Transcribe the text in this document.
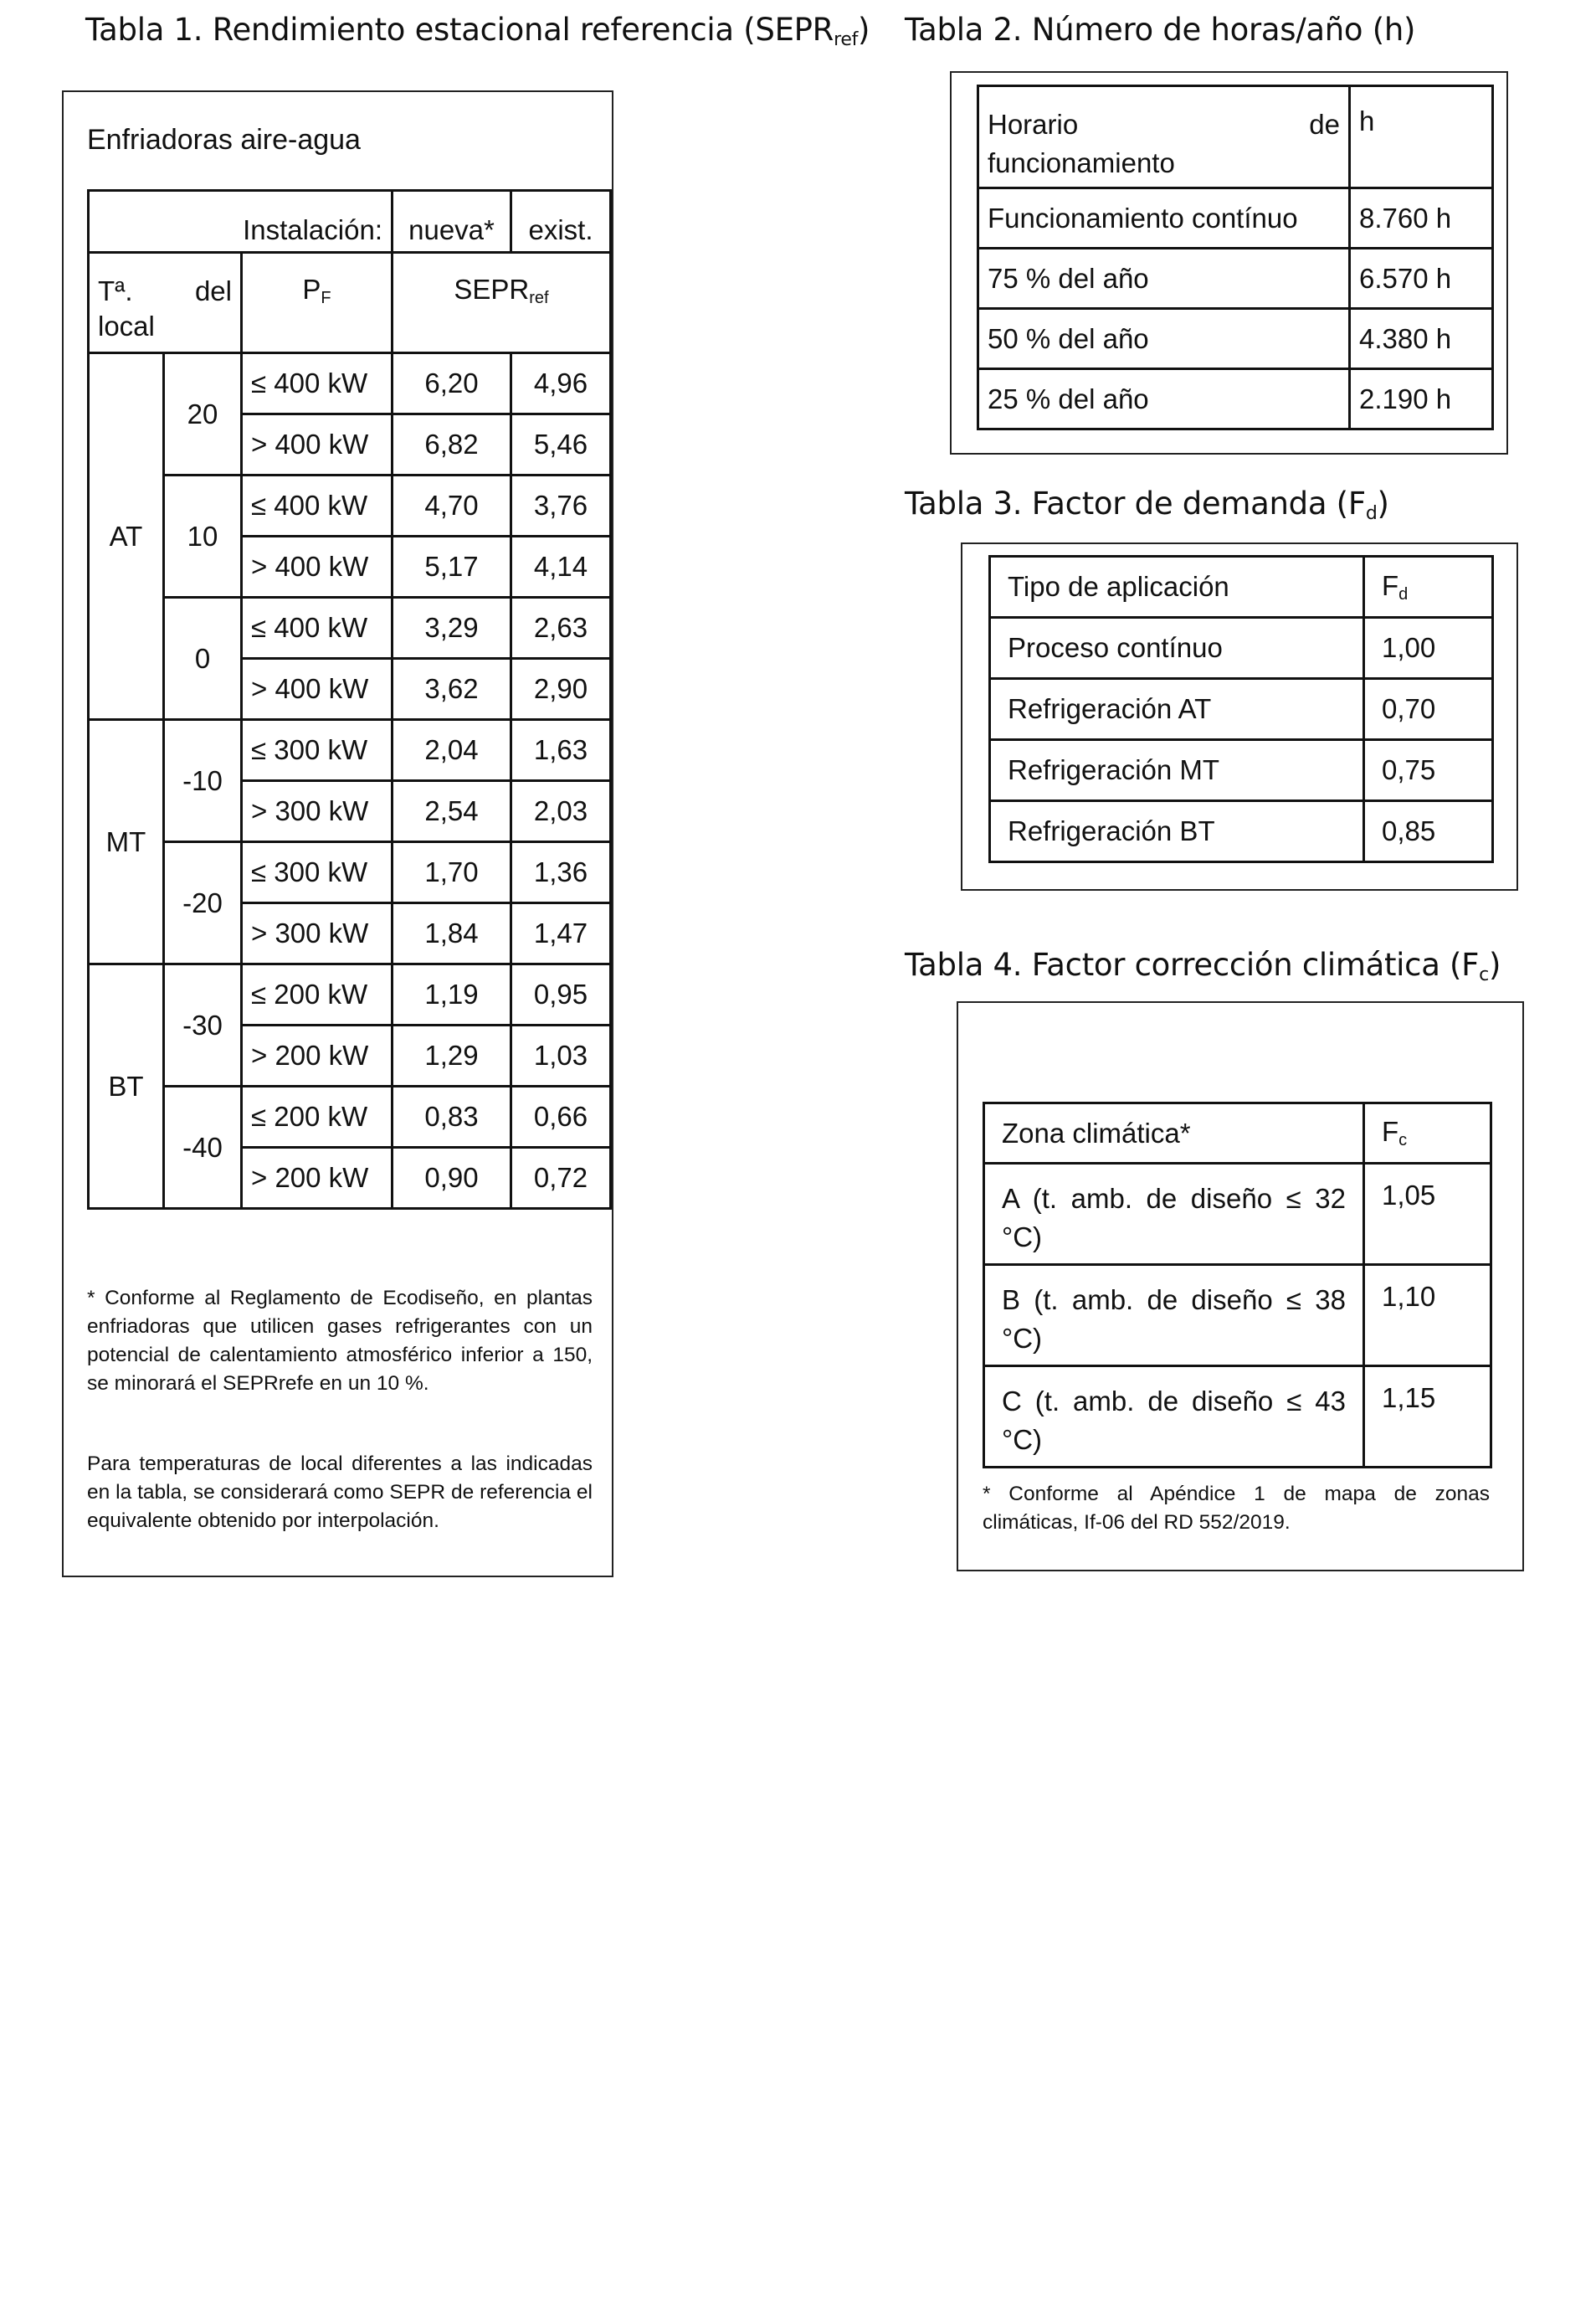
Tabla 1. Rendimiento estacional referencia $(SEPR_{ref})$
Enfriadoras aire-agua
Instalación:			nueva*	exist.

Tª. del
local		$P_F$	$SEPR_{ref}$
AT	20	≤ 400 kW	6,20	4,96
		> 400 kW	6,82	5,46
	10	≤ 400 kW	4,70	3,76
		> 400 kW	5,17	4,14
	0	≤ 400 kW	3,29	2,63
		> 400 kW	3,62	2,90
MT	-10	≤ 300 kW	2,04	1,63
		> 300 kW	2,54	2,03
	-20	≤ 300 kW	1,70	1,36
		> 300 kW	1,84	1,47
BT	-30	≤ 200 kW	1,19	0,95
		> 200 kW	1,29	1,03
	-40	≤ 200 kW	0,83	0,66
		> 200 kW	0,90	0,72
* Conforme al Reglamento de Ecodiseño, en plantas enfriadoras que utilicen gases refrigerantes con un potencial de calentamiento atmosférico inferior a 150, se minorará el SEPRrefe en un 10 %.
Para temperaturas de local diferentes a las indicadas en la tabla, se considerará como SEPR de referencia el equivalente obtenido por interpolación.
Tabla 2. Número de horas/año (h)
Horario de
funcionamiento	h
Funcionamiento contínuo	8.760 h
75 % del año	6.570 h
50 % del año	4.380 h
25 % del año	2.190 h
Tabla 3. Factor de demanda $(F_d)$
Tipo de aplicación	$F_d$
Proceso contínuo	1,00
Refrigeración AT	0,70
Refrigeración MT	0,75
Refrigeración BT	0,85
Tabla 4. Factor corrección climática $(F_c)$
Zona climática*	$F_c$

A (t. amb. de diseño ≤ 32
°C)	1,05

B (t. amb. de diseño ≤ 38
°C)	1,10

C (t. amb. de diseño ≤ 43
°C)	1,15
* Conforme al Apéndice 1 de mapa de zonas climáticas, If-06 del RD 552/2019.
